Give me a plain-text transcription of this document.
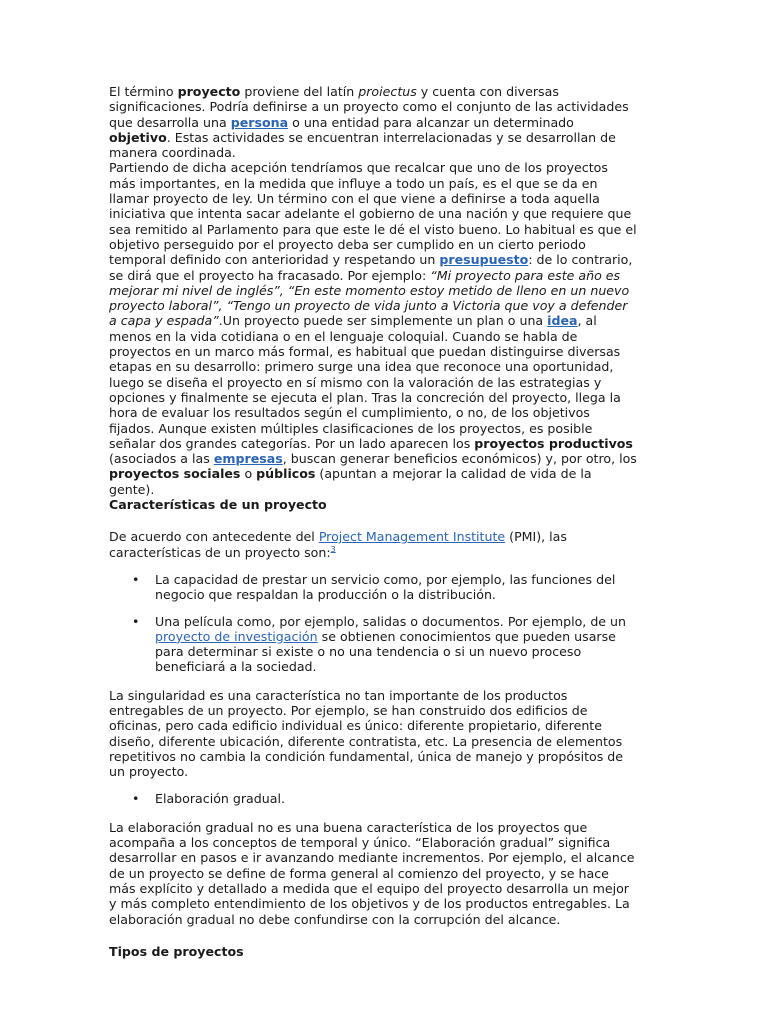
El término proyecto proviene del latín proiectus y cuenta con diversas significaciones. Podría definirse a un proyecto como el conjunto de las actividades que desarrolla una persona o una entidad para alcanzar un determinado objetivo. Estas actividades se encuentran interrelacionadas y se desarrollan de manera coordinada.

Partiendo de dicha acepción tendríamos que recalcar que uno de los proyectos más importantes, en la medida que influye a todo un país, es el que se da en llamar proyecto de ley. Un término con el que viene a definirse a toda aquella iniciativa que intenta sacar adelante el gobierno de una nación y que requiere que sea remitido al Parlamento para que este le dé el visto bueno. Lo habitual es que el objetivo perseguido por el proyecto deba ser cumplido en un cierto periodo temporal definido con anterioridad y respetando un presupuesto: de lo contrario, se dirá que el proyecto ha fracasado. Por ejemplo: “Mi proyecto para este año es mejorar mi nivel de inglés”, “En este momento estoy metido de lleno en un nuevo proyecto laboral”, “Tengo un proyecto de vida junto a Victoria que voy a defender a capa y espada”.Un proyecto puede ser simplemente un plan o una idea, al menos en la vida cotidiana o en el lenguaje coloquial. Cuando se habla de proyectos en un marco más formal, es habitual que puedan distinguirse diversas etapas en su desarrollo: primero surge una idea que reconoce una oportunidad, luego se diseña el proyecto en sí mismo con la valoración de las estrategias y opciones y finalmente se ejecuta el plan. Tras la concreción del proyecto, llega la hora de evaluar los resultados según el cumplimiento, o no, de los objetivos fijados. Aunque existen múltiples clasificaciones de los proyectos, es posible señalar dos grandes categorías. Por un lado aparecen los proyectos productivos (asociados a las empresas, buscan generar beneficios económicos) y, por otro, los proyectos sociales o públicos (apuntan a mejorar la calidad de vida de la gente).

Características de un proyecto

De acuerdo con antecedente del Project Management Institute (PMI), las características de un proyecto son:$^3$

• La capacidad de prestar un servicio como, por ejemplo, las funciones del negocio que respaldan la producción o la distribución.
• Una película como, por ejemplo, salidas o documentos. Por ejemplo, de un proyecto de investigación se obtienen conocimientos que pueden usarse para determinar si existe o no una tendencia o si un nuevo proceso beneficiará a la sociedad.

La singularidad es una característica no tan importante de los productos entregables de un proyecto. Por ejemplo, se han construido dos edificios de oficinas, pero cada edificio individual es único: diferente propietario, diferente diseño, diferente ubicación, diferente contratista, etc. La presencia de elementos repetitivos no cambia la condición fundamental, única de manejo y propósitos de un proyecto.

• Elaboración gradual.

La elaboración gradual no es una buena característica de los proyectos que acompaña a los conceptos de temporal y único. “Elaboración gradual” significa desarrollar en pasos e ir avanzando mediante incrementos. Por ejemplo, el alcance de un proyecto se define de forma general al comienzo del proyecto, y se hace más explícito y detallado a medida que el equipo del proyecto desarrolla un mejor y más completo entendimiento de los objetivos y de los productos entregables. La elaboración gradual no debe confundirse con la corrupción del alcance.

Tipos de proyectos
